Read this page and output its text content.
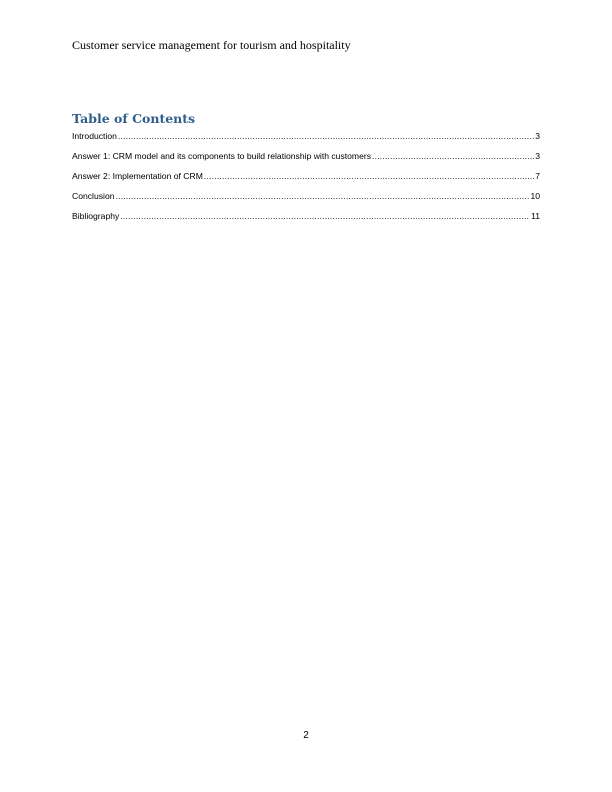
Customer service management for tourism and hospitality
Table of Contents
Introduction .....	3
Answer 1: CRM model and its components to build relationship with customers .....	3
Answer 2: Implementation of CRM .....	7
Conclusion .....	10
Bibliography .....	11
2
